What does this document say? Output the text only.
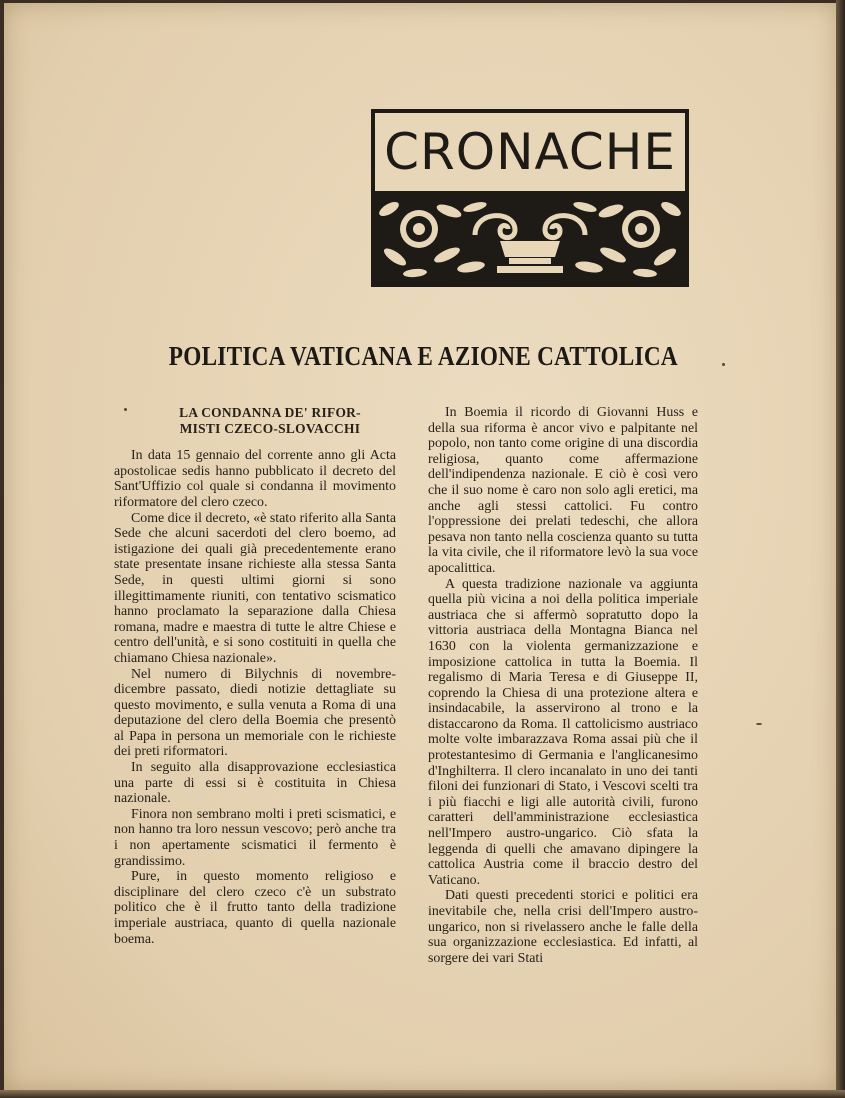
CRONACHE
POLITICA VATICANA E AZIONE CATTOLICA
LA CONDANNA DE' RIFOR-
MISTI CZECO-SLOVACCHI

In data 15 gennaio del corrente anno gli Acta apostolicae sedis hanno pubblicato il decreto del Sant'Uffizio col quale si condanna il movimento riformatore del clero czeco.

Come dice il decreto, «è stato riferito alla Santa Sede che alcuni sacerdoti del clero boemo, ad istigazione dei quali già precedentemente erano state presentate insane richieste alla stessa Santa Sede, in questi ultimi giorni si sono illegittimamente riuniti, con tentativo scismatico hanno proclamato la separazione dalla Chiesa romana, madre e maestra di tutte le altre Chiese e centro dell'unità, e si sono costituiti in quella che chiamano Chiesa nazionale».

Nel numero di Bilychnis di novembre-dicembre passato, diedi notizie dettagliate su questo movimento, e sulla venuta a Roma di una deputazione del clero della Boemia che presentò al Papa in persona un memoriale con le richieste dei preti riformatori.

In seguito alla disapprovazione ecclesiastica una parte di essi si è costituita in Chiesa nazionale.

Finora non sembrano molti i preti scismatici, e non hanno tra loro nessun vescovo; però anche tra i non apertamente scismatici il fermento è grandissimo.

Pure, in questo momento religioso e disciplinare del clero czeco c'è un substrato politico che è il frutto tanto della tradizione imperiale austriaca, quanto di quella nazionale boema.

In Boemia il ricordo di Giovanni Huss e della sua riforma è ancor vivo e palpitante nel popolo, non tanto come origine di una discordia religiosa, quanto come affermazione dell'indipendenza nazionale. E ciò è così vero che il suo nome è caro non solo agli eretici, ma anche agli stessi cattolici. Fu contro l'oppressione dei prelati tedeschi, che allora pesava non tanto nella coscienza quanto su tutta la vita civile, che il riformatore levò la sua voce apocalittica.

A questa tradizione nazionale va aggiunta quella più vicina a noi della politica imperiale austriaca che si affermò sopratutto dopo la vittoria austriaca della Montagna Bianca nel 1630 con la violenta germanizzazione e imposizione cattolica in tutta la Boemia. Il regalismo di Maria Teresa e di Giuseppe II, coprendo la Chiesa di una protezione altera e insindacabile, la asservirono al trono e la distaccarono da Roma. Il cattolicismo austriaco molte volte imbarazzava Roma assai più che il protestantesimo di Germania e l'anglicanesimo d'Inghilterra. Il clero incanalato in uno dei tanti filoni dei funzionari di Stato, i Vescovi scelti tra i più fiacchi e ligi alle autorità civili, furono caratteri dell'amministrazione ecclesiastica nell'Impero austro-ungarico. Ciò sfata la leggenda di quelli che amavano dipingere la cattolica Austria come il braccio destro del Vaticano.

Dati questi precedenti storici e politici era inevitabile che, nella crisi dell'Impero austro-ungarico, non si rivelassero anche le falle della sua organizzazione ecclesiastica. Ed infatti, al sorgere dei vari Stati
